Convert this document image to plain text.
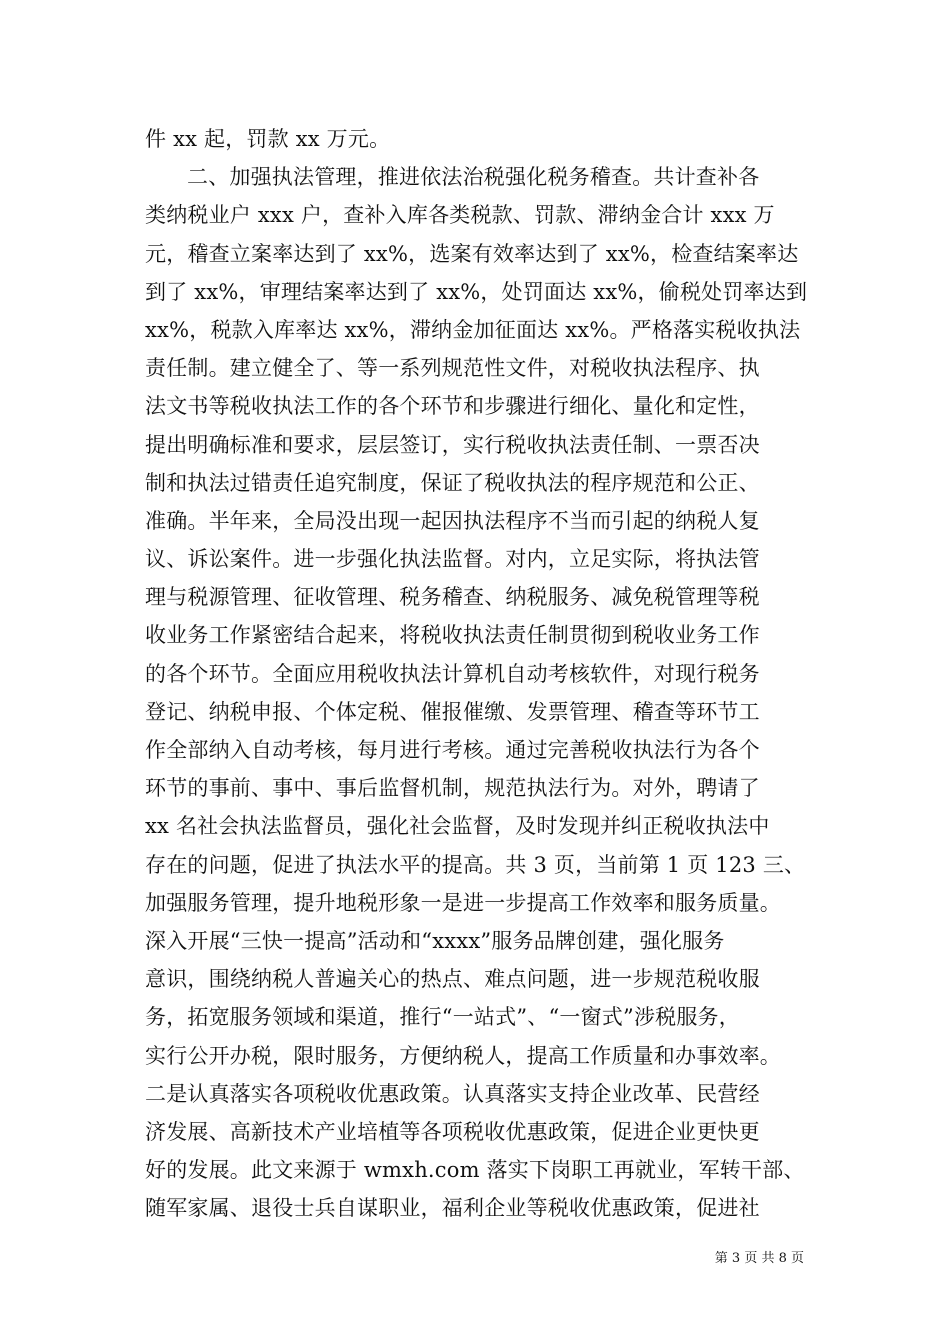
件 xx 起，罚款 xx 万元。
二、加强执法管理，推进依法治税强化税务稽查。共计查补各
类纳税业户 xxx 户，查补入库各类税款、罚款、滞纳金合计 xxx 万
元，稽查立案率达到了 xx%，选案有效率达到了 xx%，检查结案率达
到了 xx%，审理结案率达到了 xx%，处罚面达 xx%，偷税处罚率达到
xx%，税款入库率达 xx%，滞纳金加征面达 xx%。严格落实税收执法
责任制。建立健全了、等一系列规范性文件，对税收执法程序、执
法文书等税收执法工作的各个环节和步骤进行细化、量化和定性，
提出明确标准和要求，层层签订，实行税收执法责任制、一票否决
制和执法过错责任追究制度，保证了税收执法的程序规范和公正、
准确。半年来，全局没出现一起因执法程序不当而引起的纳税人复
议、诉讼案件。进一步强化执法监督。对内，立足实际，将执法管
理与税源管理、征收管理、税务稽查、纳税服务、减免税管理等税
收业务工作紧密结合起来，将税收执法责任制贯彻到税收业务工作
的各个环节。全面应用税收执法计算机自动考核软件，对现行税务
登记、纳税申报、个体定税、催报催缴、发票管理、稽查等环节工
作全部纳入自动考核，每月进行考核。通过完善税收执法行为各个
环节的事前、事中、事后监督机制，规范执法行为。对外，聘请了
xx 名社会执法监督员，强化社会监督，及时发现并纠正税收执法中
存在的问题，促进了执法水平的提高。共 3 页，当前第 1 页 123 三、
加强服务管理，提升地税形象一是进一步提高工作效率和服务质量。
深入开展“三快一提高”活动和“xxxx”服务品牌创建，强化服务
意识，围绕纳税人普遍关心的热点、难点问题，进一步规范税收服
务，拓宽服务领域和渠道，推行“一站式”、“一窗式”涉税服务，
实行公开办税，限时服务，方便纳税人，提高工作质量和办事效率。
二是认真落实各项税收优惠政策。认真落实支持企业改革、民营经
济发展、高新技术产业培植等各项税收优惠政策，促进企业更快更
好的发展。此文来源于 wmxh.com 落实下岗职工再就业，军转干部、
随军家属、退役士兵自谋职业，福利企业等税收优惠政策，促进社
第 3 页 共 8 页
